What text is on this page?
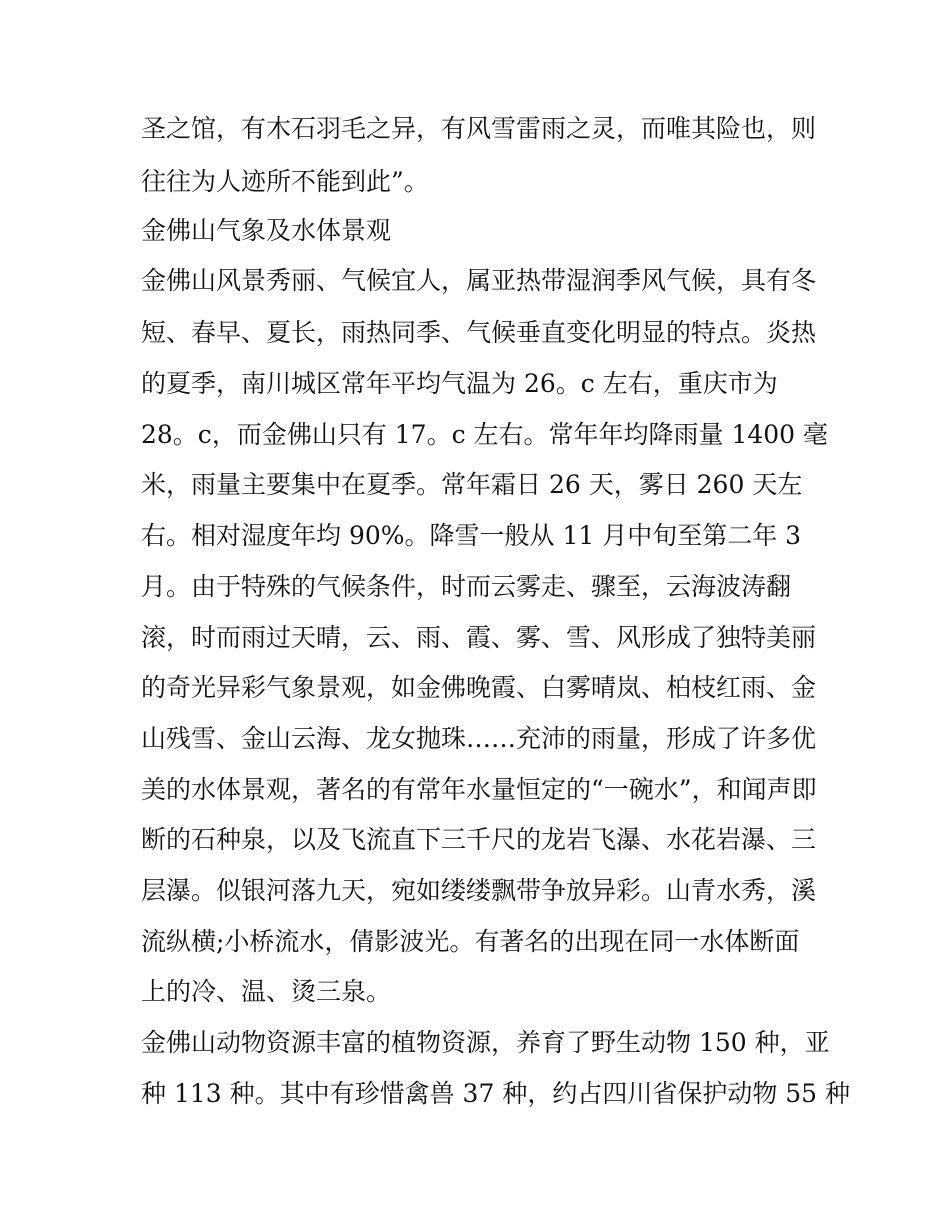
圣之馆，有木石羽毛之异，有风雪雷雨之灵，而唯其险也，则
往往为人迹所不能到此”。
金佛山气象及水体景观
金佛山风景秀丽、气候宜人，属亚热带湿润季风气候，具有冬
短、春早、夏长，雨热同季、气候垂直变化明显的特点。炎热
的夏季，南川城区常年平均气温为 26。c 左右，重庆市为
28。c，而金佛山只有 17。c 左右。常年年均降雨量 1400 毫
米，雨量主要集中在夏季。常年霜日 26 天，雾日 260 天左
右。相对湿度年均 90%。降雪一般从 11 月中旬至第二年 3
月。由于特殊的气候条件，时而云雾走、骤至，云海波涛翻
滚，时而雨过天晴，云、雨、霞、雾、雪、风形成了独特美丽
的奇光异彩气象景观，如金佛晚霞、白雾晴岚、柏枝红雨、金
山残雪、金山云海、龙女抛珠……充沛的雨量，形成了许多优
美的水体景观，著名的有常年水量恒定的“一碗水”，和闻声即
断的石种泉，以及飞流直下三千尺的龙岩飞瀑、水花岩瀑、三
层瀑。似银河落九天，宛如缕缕飘带争放异彩。山青水秀，溪
流纵横;小桥流水，倩影波光。有著名的出现在同一水体断面
上的冷、温、烫三泉。
金佛山动物资源丰富的植物资源，养育了野生动物 150 种，亚
种 113 种。其中有珍惜禽兽 37 种，约占四川省保护动物 55 种
